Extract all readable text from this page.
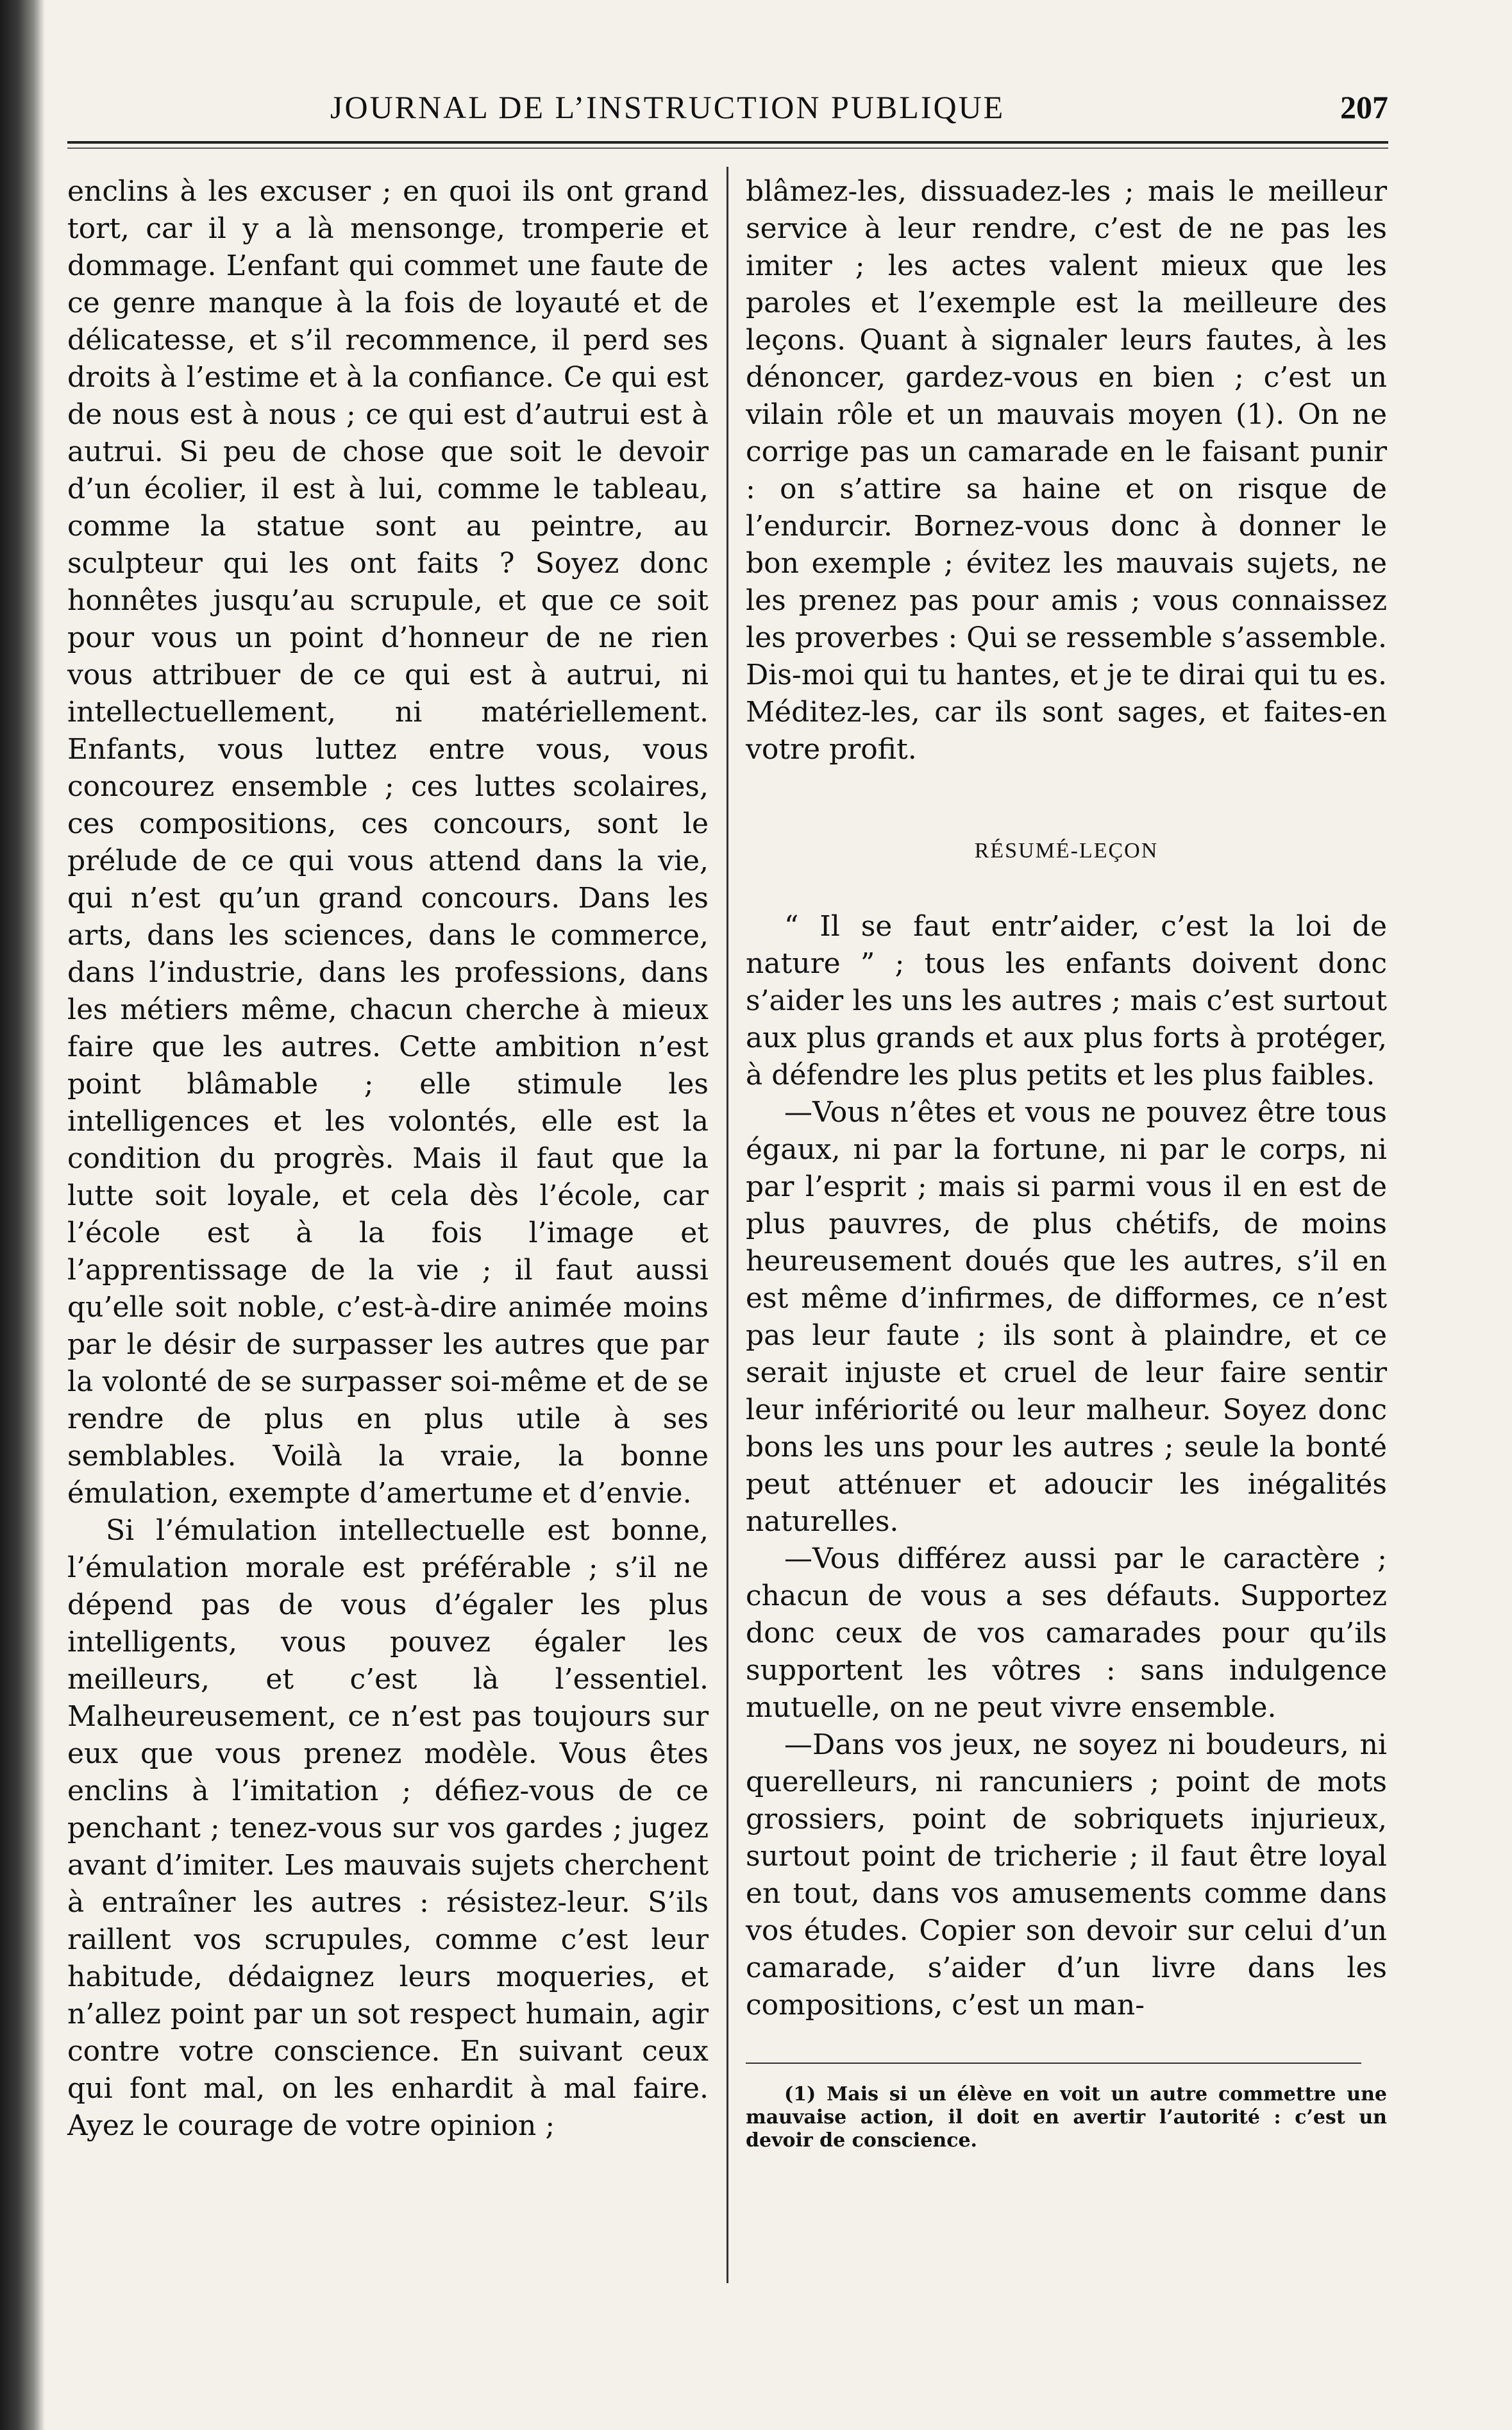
JOURNAL DE L’INSTRUCTION PUBLIQUE	207

enclins à les excuser ; en quoi ils ont grand tort, car il y a là mensonge, tromperie et dommage. L’enfant qui commet une faute de ce genre manque à la fois de loyauté et de délicatesse, et s’il recommence, il perd ses droits à l’estime et à la confiance. Ce qui est de nous est à nous ; ce qui est d’autrui est à autrui. Si peu de chose que soit le devoir d’un écolier, il est à lui, comme le tableau, comme la statue sont au peintre, au sculpteur qui les ont faits ? Soyez donc honnêtes jusqu’au scrupule, et que ce soit pour vous un point d’honneur de ne rien vous attribuer de ce qui est à autrui, ni intellectuellement, ni matériellement. Enfants, vous luttez entre vous, vous concourez ensemble ; ces luttes scolaires, ces compositions, ces concours, sont le prélude de ce qui vous attend dans la vie, qui n’est qu’un grand concours. Dans les arts, dans les sciences, dans le commerce, dans l’industrie, dans les professions, dans les métiers même, chacun cherche à mieux faire que les autres. Cette ambition n’est point blâmable ; elle stimule les intelligences et les volontés, elle est la condition du progrès. Mais il faut que la lutte soit loyale, et cela dès l’école, car l’école est à la fois l’image et l’apprentissage de la vie ; il faut aussi qu’elle soit noble, c’est-à-dire animée moins par le désir de surpasser les autres que par la volonté de se surpasser soi-même et de se rendre de plus en plus utile à ses semblables. Voilà la vraie, la bonne émulation, exempte d’amertume et d’envie.

Si l’émulation intellectuelle est bonne, l’émulation morale est préférable ; s’il ne dépend pas de vous d’égaler les plus intelligents, vous pouvez égaler les meilleurs, et c’est là l’essentiel. Malheureusement, ce n’est pas toujours sur eux que vous prenez modèle. Vous êtes enclins à l’imitation ; défiez-vous de ce penchant ; tenez-vous sur vos gardes ; jugez avant d’imiter. Les mauvais sujets cherchent à entraîner les autres : résistez-leur. S’ils raillent vos scrupules, comme c’est leur habitude, dédaignez leurs moqueries, et n’allez point par un sot respect humain, agir contre votre conscience. En suivant ceux qui font mal, on les enhardit à mal faire. Ayez le courage de votre opinion ;

blâmez-les, dissuadez-les ; mais le meilleur service à leur rendre, c’est de ne pas les imiter ; les actes valent mieux que les paroles et l’exemple est la meilleure des leçons. Quant à signaler leurs fautes, à les dénoncer, gardez-vous en bien ; c’est un vilain rôle et un mauvais moyen (1). On ne corrige pas un camarade en le faisant punir : on s’attire sa haine et on risque de l’endurcir. Bornez-vous donc à donner le bon exemple ; évitez les mauvais sujets, ne les prenez pas pour amis ; vous connaissez les proverbes : Qui se ressemble s’assemble. Dis-moi qui tu hantes, et je te dirai qui tu es. Méditez-les, car ils sont sages, et faites-en votre profit.

RÉSUMÉ-LEÇON

“ Il se faut entr’aider, c’est la loi de nature ” ; tous les enfants doivent donc s’aider les uns les autres ; mais c’est surtout aux plus grands et aux plus forts à protéger, à défendre les plus petits et les plus faibles.

—Vous n’êtes et vous ne pouvez être tous égaux, ni par la fortune, ni par le corps, ni par l’esprit ; mais si parmi vous il en est de plus pauvres, de plus chétifs, de moins heureusement doués que les autres, s’il en est même d’infirmes, de difformes, ce n’est pas leur faute ; ils sont à plaindre, et ce serait injuste et cruel de leur faire sentir leur infériorité ou leur malheur. Soyez donc bons les uns pour les autres ; seule la bonté peut atténuer et adoucir les inégalités naturelles.

—Vous différez aussi par le caractère ; chacun de vous a ses défauts. Supportez donc ceux de vos camarades pour qu’ils supportent les vôtres : sans indulgence mutuelle, on ne peut vivre ensemble.

—Dans vos jeux, ne soyez ni boudeurs, ni querelleurs, ni rancuniers ; point de mots grossiers, point de sobriquets injurieux, surtout point de tricherie ; il faut être loyal en tout, dans vos amusements comme dans vos études. Copier son devoir sur celui d’un camarade, s’aider d’un livre dans les compositions, c’est un man-

(1) Mais si un élève en voit un autre commettre une mauvaise action, il doit en avertir l’autorité : c’est un devoir de conscience.
